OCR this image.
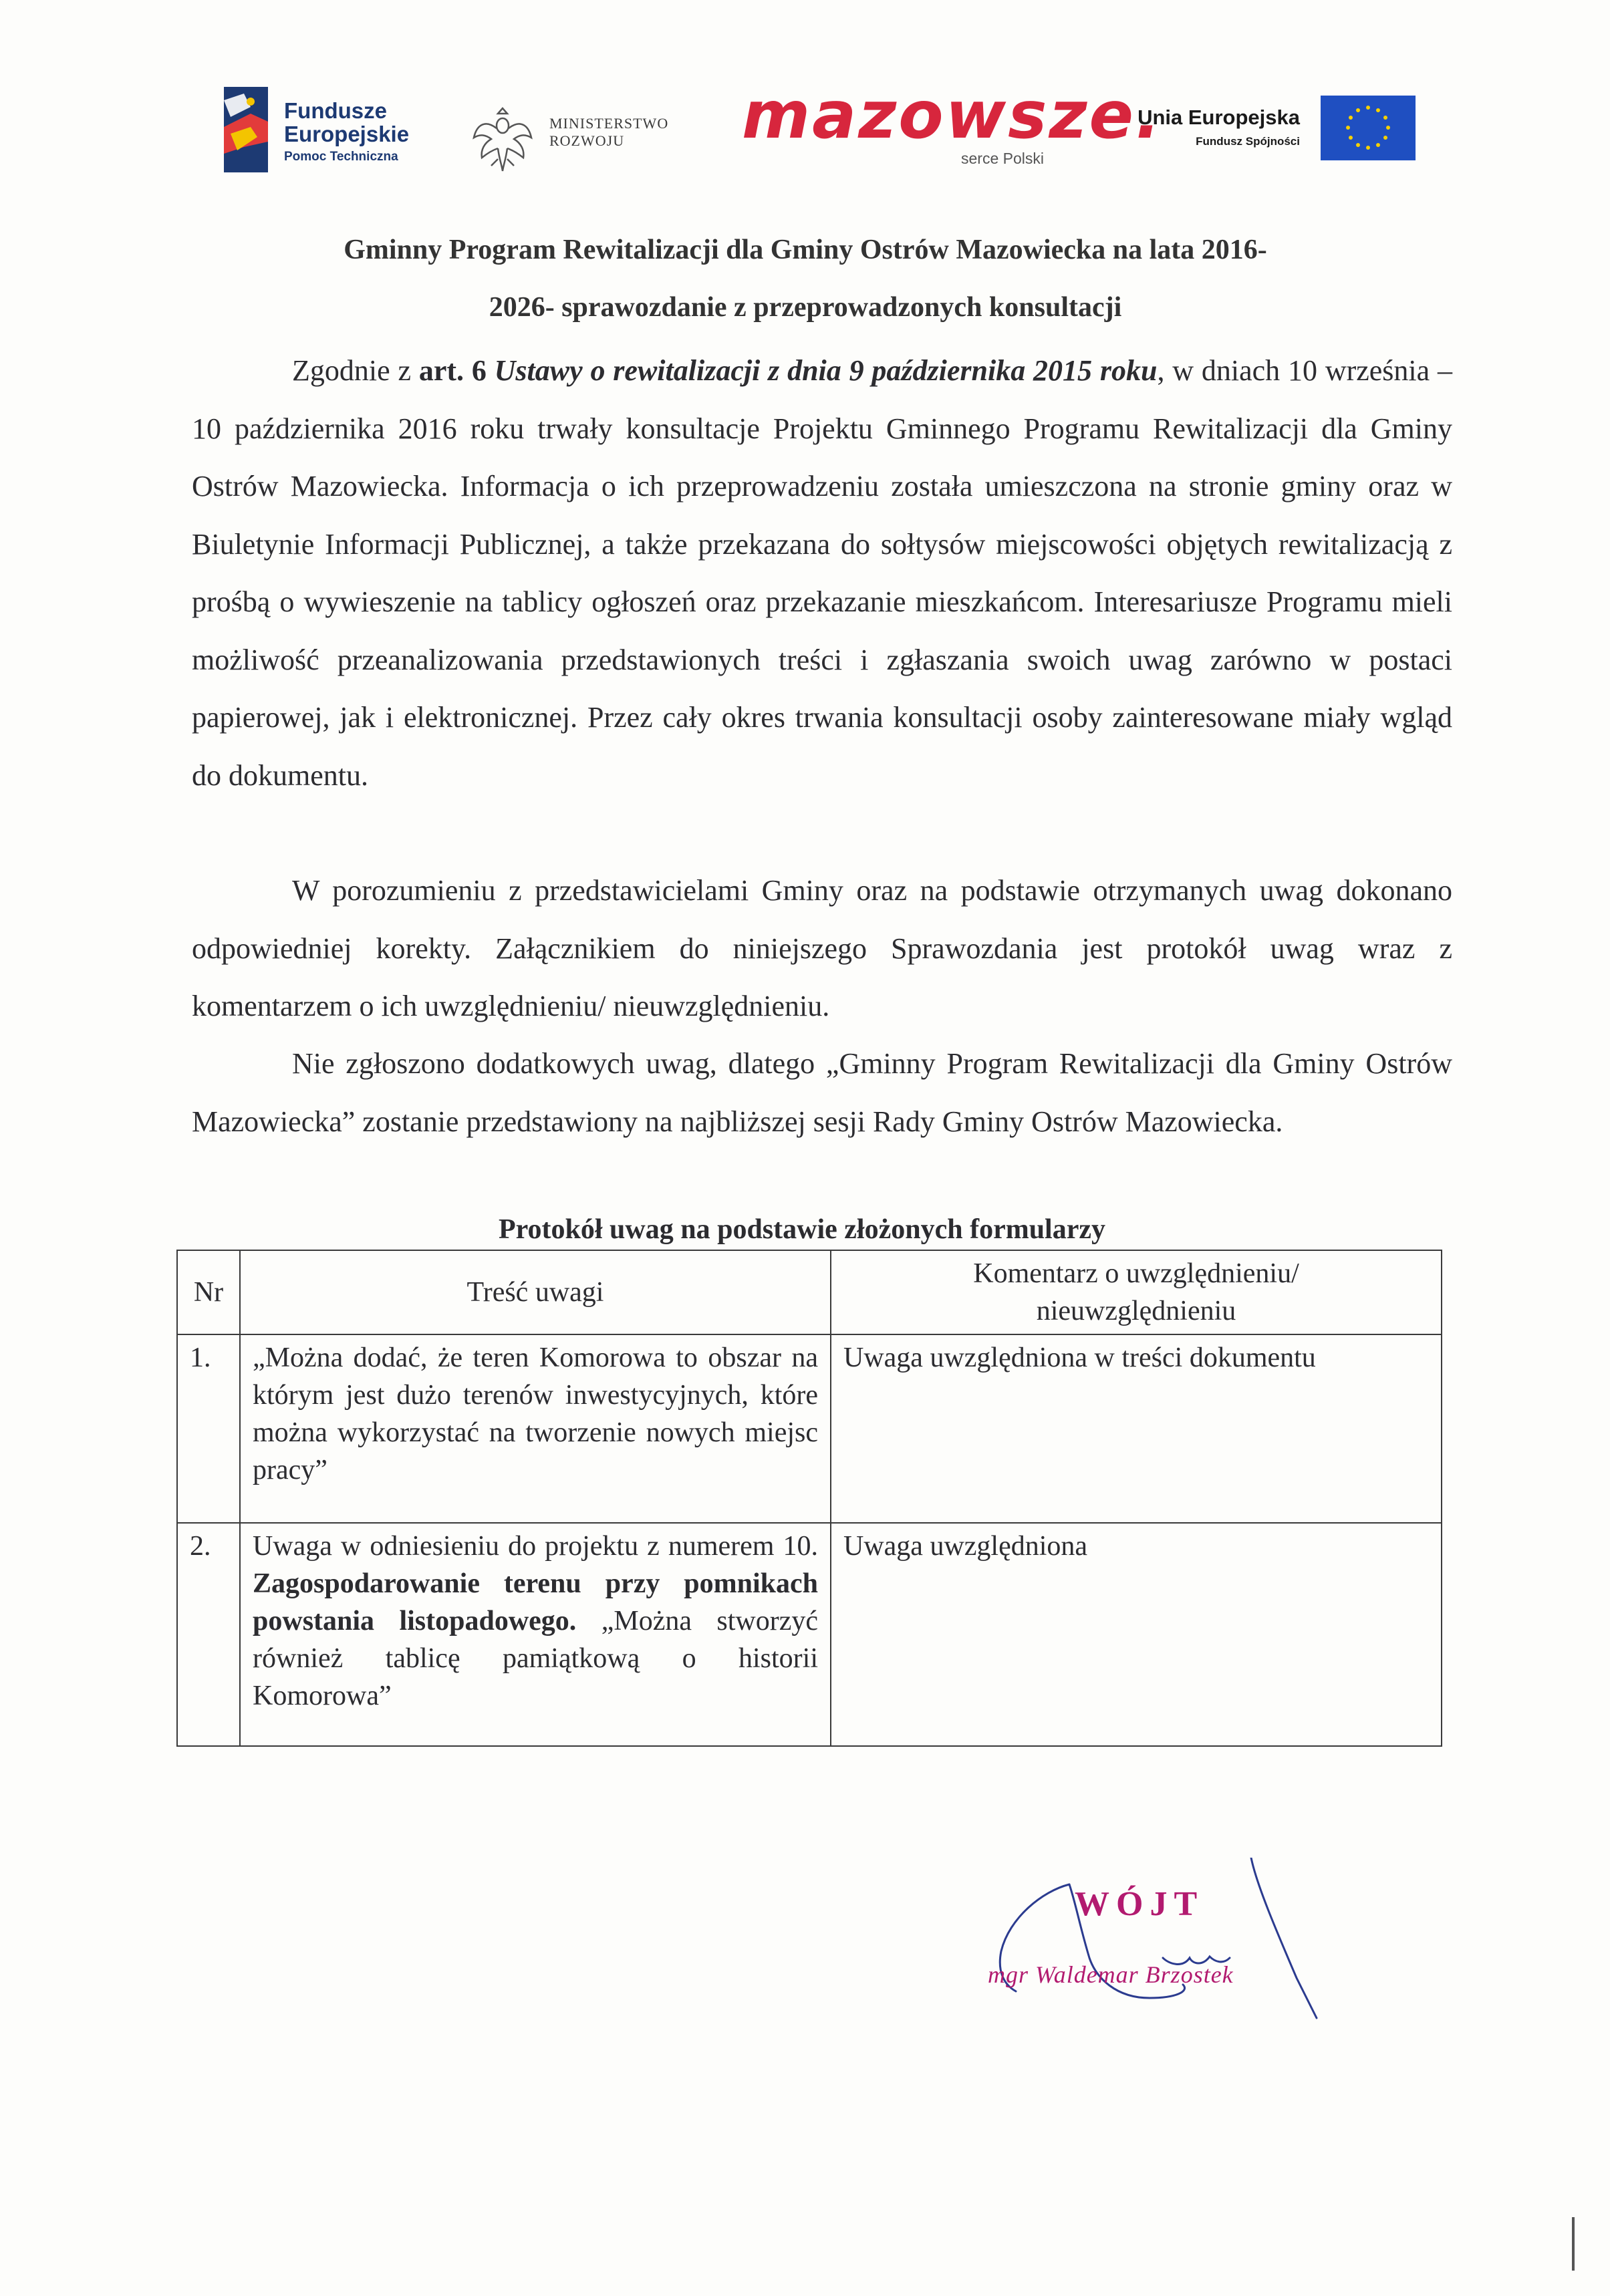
Fundusze
Europejskie
Pomoc Techniczna
MINISTERSTWO
ROZWOJU	mazowsze.
serce Polski
Unia Europejska
Fundusz Spójności
Gminny Program Rewitalizacji dla Gminy Ostrów Mazowiecka na lata 2016-
2026- sprawozdanie z przeprowadzonych konsultacji

Zgodnie z art. 6 Ustawy o rewitalizacji z dnia 9 października 2015 roku, w dniach 10 września – 10 października 2016 roku trwały konsultacje Projektu Gminnego Programu Rewitalizacji dla Gminy Ostrów Mazowiecka. Informacja o ich przeprowadzeniu została umieszczona na stronie gminy oraz w Biuletynie Informacji Publicznej, a także przekazana do sołtysów miejscowości objętych rewitalizacją z prośbą o wywieszenie na tablicy ogłoszeń oraz przekazanie mieszkańcom. Interesariusze Programu mieli możliwość przeanalizowania przedstawionych treści i zgłaszania swoich uwag zarówno w postaci papierowej, jak i elektronicznej. Przez cały okres trwania konsultacji osoby zainteresowane miały wgląd do dokumentu.

W porozumieniu z przedstawicielami Gminy oraz na podstawie otrzymanych uwag dokonano odpowiedniej korekty. Załącznikiem do niniejszego Sprawozdania jest protokół uwag wraz z komentarzem o ich uwzględnieniu/ nieuwzględnieniu.

Nie zgłoszono dodatkowych uwag, dlatego „Gminny Program Rewitalizacji dla Gminy Ostrów Mazowiecka” zostanie przedstawiony na najbliższej sesji Rady Gminy Ostrów Mazowiecka.

Protokół uwag na podstawie złożonych formularzy
Nr	Treść uwagi	Komentarz o uwzględnieniu/
nieuwzględnieniu
1.	„Można dodać, że teren Komorowa to obszar na którym jest dużo terenów inwestycyjnych, które można wykorzystać na tworzenie nowych miejsc pracy”	Uwaga uwzględniona w treści dokumentu
2.	Uwaga w odniesieniu do projektu z numerem 10. Zagospodarowanie terenu przy pomnikach powstania listopadowego. „Można stworzyć również tablicę pamiątkową o historii Komorowa”	Uwaga uwzględniona
WÓJT
mgr Waldemar Brzostek
